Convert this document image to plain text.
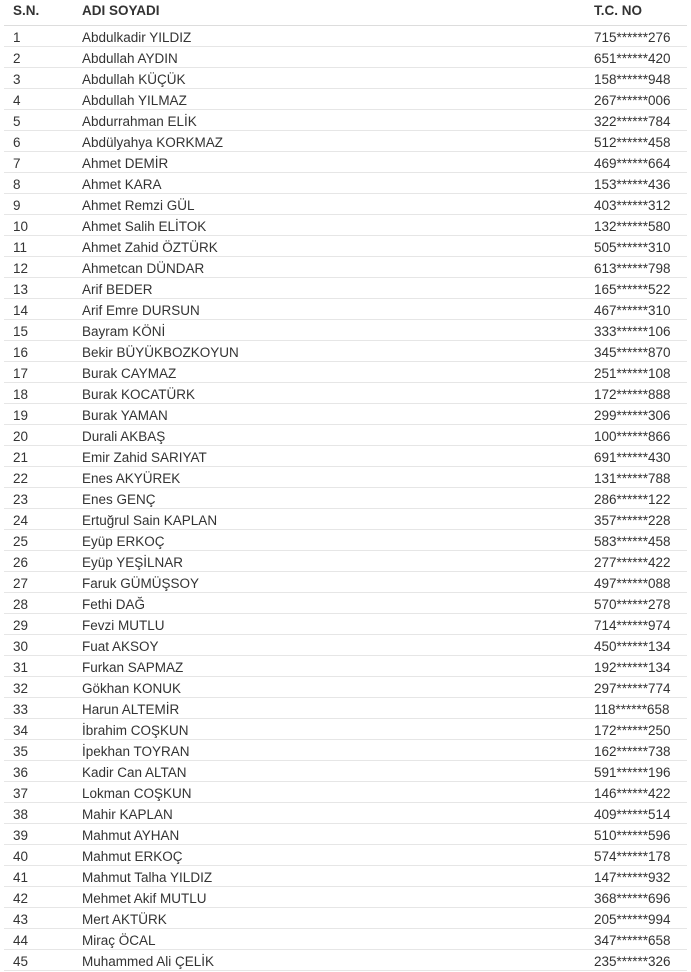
S.N.	ADI SOYADI	T.C. NO
1	Abdulkadir YILDIZ	715******276
2	Abdullah AYDIN	651******420
3	Abdullah KÜÇÜK	158******948
4	Abdullah YILMAZ	267******006
5	Abdurrahman ELİK	322******784
6	Abdülyahya KORKMAZ	512******458
7	Ahmet DEMİR	469******664
8	Ahmet KARA	153******436
9	Ahmet Remzi GÜL	403******312
10	Ahmet Salih ELİTOK	132******580
11	Ahmet Zahid ÖZTÜRK	505******310
12	Ahmetcan DÜNDAR	613******798
13	Arif BEDER	165******522
14	Arif Emre DURSUN	467******310
15	Bayram KÖNİ	333******106
16	Bekir BÜYÜKBOZKOYUN	345******870
17	Burak CAYMAZ	251******108
18	Burak KOCATÜRK	172******888
19	Burak YAMAN	299******306
20	Durali AKBAŞ	100******866
21	Emir Zahid SARIYAT	691******430
22	Enes AKYÜREK	131******788
23	Enes GENÇ	286******122
24	Ertuğrul Sain KAPLAN	357******228
25	Eyüp ERKOÇ	583******458
26	Eyüp YEŞİLNAR	277******422
27	Faruk GÜMÜŞSOY	497******088
28	Fethi DAĞ	570******278
29	Fevzi MUTLU	714******974
30	Fuat AKSOY	450******134
31	Furkan SAPMAZ	192******134
32	Gökhan KONUK	297******774
33	Harun ALTEMİR	118******658
34	İbrahim COŞKUN	172******250
35	İpekhan TOYRAN	162******738
36	Kadir Can ALTAN	591******196
37	Lokman COŞKUN	146******422
38	Mahir KAPLAN	409******514
39	Mahmut AYHAN	510******596
40	Mahmut ERKOÇ	574******178
41	Mahmut Talha YILDIZ	147******932
42	Mehmet Akif MUTLU	368******696
43	Mert AKTÜRK	205******994
44	Miraç ÖCAL	347******658
45	Muhammed Ali ÇELİK	235******326
